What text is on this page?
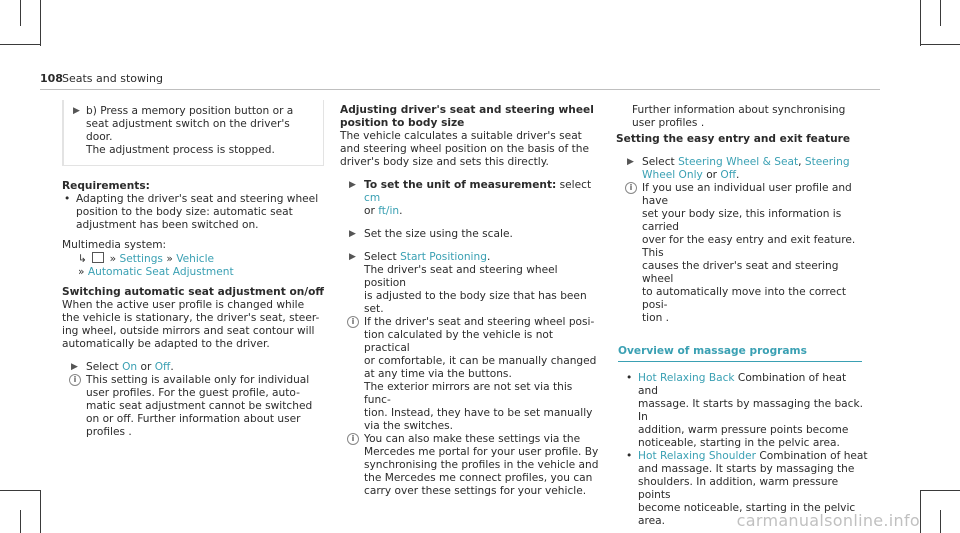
108 Seats and stowing
▶ b) Press a memory position button or a

seat adjustment switch on the driver's

door.

The adjustment process is stopped.

Requirements:

• Adapting the driver's seat and steering wheel

position to the body size: automatic seat

adjustment has been switched on.

Multimedia system:

↳ » Settings » Vehicle

» Automatic Seat Adjustment

Switching automatic seat adjustment on/off

When the active user profile is changed while

the vehicle is stationary, the driver's seat, steer-

ing wheel, outside mirrors and seat contour will

automatically be adapted to the driver.

▶ Select On or Off.

i This setting is available only for individual

user profiles. For the guest profile, auto-

matic seat adjustment cannot be switched

on or off. Further information about user

profiles .

Adjusting driver's seat and steering wheel

position to body size

The vehicle calculates a suitable driver's seat

and steering wheel position on the basis of the

driver's body size and sets this directly.

▶ To set the unit of measurement: select cm

or ft/in.

▶ Set the size using the scale.

▶ Select Start Positioning.

The driver's seat and steering wheel position

is adjusted to the body size that has been

set.

i If the driver's seat and steering wheel posi-

tion calculated by the vehicle is not practical

or comfortable, it can be manually changed

at any time via the buttons.

The exterior mirrors are not set via this func-

tion. Instead, they have to be set manually

via the switches.

i You can also make these settings via the

Mercedes me portal for your user profile. By

synchronising the profiles in the vehicle and

the Mercedes me connect profiles, you can

carry over these settings for your vehicle.

Further information about synchronising

user profiles .

Setting the easy entry and exit feature

▶ Select Steering Wheel & Seat, Steering

Wheel Only or Off.

i If you use an individual user profile and have

set your body size, this information is carried

over for the easy entry and exit feature. This

causes the driver's seat and steering wheel

to automatically move into the correct posi-

tion .

Overview of massage programs

• Hot Relaxing Back Combination of heat and

massage. It starts by massaging the back. In

addition, warm pressure points become

noticeable, starting in the pelvic area.

• Hot Relaxing Shoulder Combination of heat

and massage. It starts by massaging the

shoulders. In addition, warm pressure points

become noticeable, starting in the pelvic

area.	carmanualsonline.info
